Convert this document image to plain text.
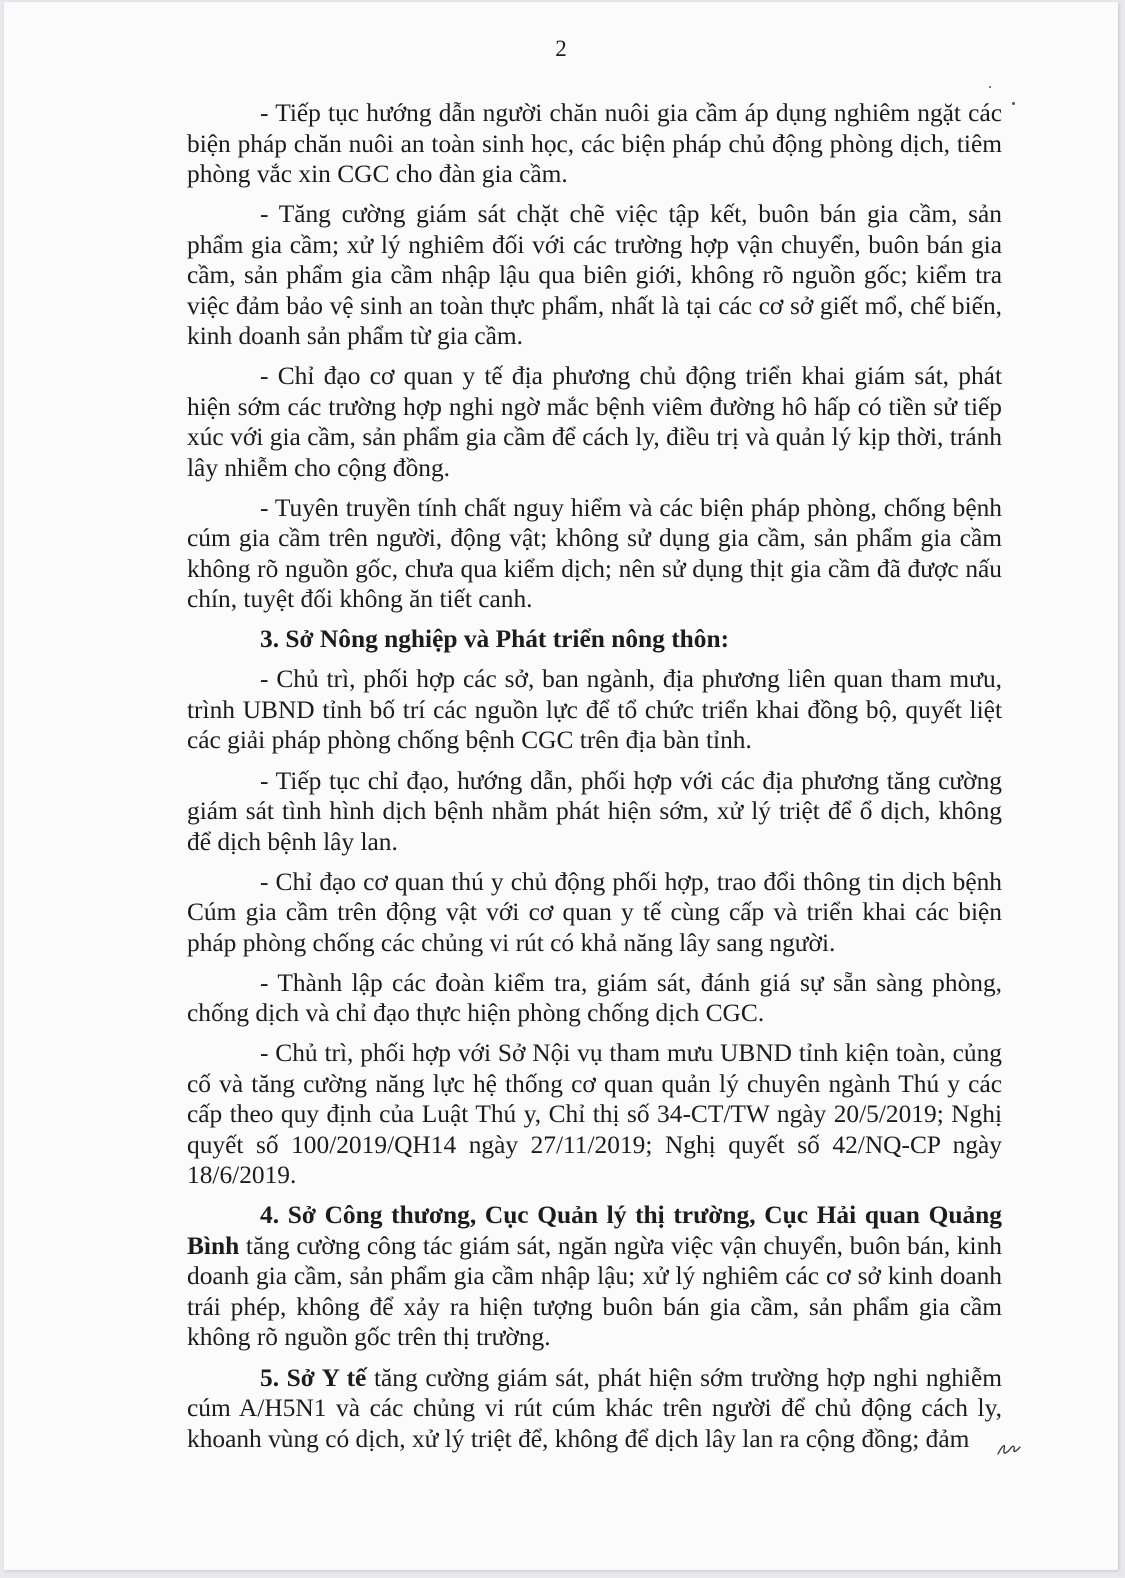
2

- Tiếp tục hướng dẫn người chăn nuôi gia cầm áp dụng nghiêm ngặt các biện pháp chăn nuôi an toàn sinh học, các biện pháp chủ động phòng dịch, tiêm phòng vắc xin CGC cho đàn gia cầm.

- Tăng cường giám sát chặt chẽ việc tập kết, buôn bán gia cầm, sản phẩm gia cầm; xử lý nghiêm đối với các trường hợp vận chuyển, buôn bán gia cầm, sản phẩm gia cầm nhập lậu qua biên giới, không rõ nguồn gốc; kiểm tra việc đảm bảo vệ sinh an toàn thực phẩm, nhất là tại các cơ sở giết mổ, chế biến, kinh doanh sản phẩm từ gia cầm.

- Chỉ đạo cơ quan y tế địa phương chủ động triển khai giám sát, phát hiện sớm các trường hợp nghi ngờ mắc bệnh viêm đường hô hấp có tiền sử tiếp xúc với gia cầm, sản phẩm gia cầm để cách ly, điều trị và quản lý kịp thời, tránh lây nhiễm cho cộng đồng.

- Tuyên truyền tính chất nguy hiểm và các biện pháp phòng, chống bệnh cúm gia cầm trên người, động vật; không sử dụng gia cầm, sản phẩm gia cầm không rõ nguồn gốc, chưa qua kiểm dịch; nên sử dụng thịt gia cầm đã được nấu chín, tuyệt đối không ăn tiết canh.

3. Sở Nông nghiệp và Phát triển nông thôn:

- Chủ trì, phối hợp các sở, ban ngành, địa phương liên quan tham mưu, trình UBND tỉnh bố trí các nguồn lực để tổ chức triển khai đồng bộ, quyết liệt các giải pháp phòng chống bệnh CGC trên địa bàn tỉnh.

- Tiếp tục chỉ đạo, hướng dẫn, phối hợp với các địa phương tăng cường giám sát tình hình dịch bệnh nhằm phát hiện sớm, xử lý triệt để ổ dịch, không để dịch bệnh lây lan.

- Chỉ đạo cơ quan thú y chủ động phối hợp, trao đổi thông tin dịch bệnh Cúm gia cầm trên động vật với cơ quan y tế cùng cấp và triển khai các biện pháp phòng chống các chủng vi rút có khả năng lây sang người.

- Thành lập các đoàn kiểm tra, giám sát, đánh giá sự sẵn sàng phòng, chống dịch và chỉ đạo thực hiện phòng chống dịch CGC.

- Chủ trì, phối hợp với Sở Nội vụ tham mưu UBND tỉnh kiện toàn, củng cố và tăng cường năng lực hệ thống cơ quan quản lý chuyên ngành Thú y các cấp theo quy định của Luật Thú y, Chỉ thị số 34-CT/TW ngày 20/5/2019; Nghị quyết số 100/2019/QH14 ngày 27/11/2019; Nghị quyết số 42/NQ-CP ngày 18/6/2019.

4. Sở Công thương, Cục Quản lý thị trường, Cục Hải quan Quảng Bình tăng cường công tác giám sát, ngăn ngừa việc vận chuyển, buôn bán, kinh doanh gia cầm, sản phẩm gia cầm nhập lậu; xử lý nghiêm các cơ sở kinh doanh trái phép, không để xảy ra hiện tượng buôn bán gia cầm, sản phẩm gia cầm không rõ nguồn gốc trên thị trường.

5. Sở Y tế tăng cường giám sát, phát hiện sớm trường hợp nghi nghiễm cúm A/H5N1 và các chủng vi rút cúm khác trên người để chủ động cách ly, khoanh vùng có dịch, xử lý triệt để, không để dịch lây lan ra cộng đồng; đảm
